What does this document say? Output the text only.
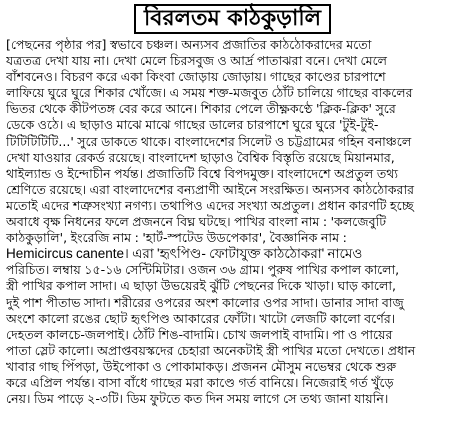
বিরলতম কাঠকুড়ালি
[পেছনের পৃষ্ঠার পর] স্বভাবে চঞ্চল। অন্যসব প্রজাতির কাঠঠোকরাদের মতো
যত্রতত্র দেখা যায় না। দেখা মেলে চিরসবুজ ও আর্দ্র পাতাঝরা বনে। দেখা মেলে
বাঁশবনেও। বিচরণ করে একা কিংবা জোড়ায় জোড়ায়। গাছের কাণ্ডের চারপাশে
লাফিয়ে ঘুরে ঘুরে শিকার খোঁজে। এ সময় শক্ত-মজবুত ঠোঁট চালিয়ে গাছের বাকলের
ভিতর থেকে কীটপতঙ্গ বের করে আনে। শিকার পেলে তীক্ষ্ণকণ্ঠে 'ক্লিক-ক্লিক' সুরে
ডেকে ওঠে। এ ছাড়াও মাঝে মাঝে গাছের ডালের চারপাশে ঘুরে ঘুরে 'টুই-টুই-
টিটিটিটিটি...' সুরে ডাকতে থাকে। বাংলাদেশের সিলেট ও চট্টগ্রামের গহিন বনাঞ্চলে
দেখা যাওয়ার রেকর্ড রয়েছে। বাংলাদেশ ছাড়াও বৈশ্বিক বিস্তৃতি রয়েছে মিয়ানমার,
থাইল্যান্ড ও ইন্দোচীন পর্যন্ত। প্রজাতিটি বিশ্বে বিপদমুক্ত। বাংলাদেশে অপ্রতুল তথ্য
শ্রেণিতে রয়েছে। এরা বাংলাদেশের বন্যপ্রাণী আইনে সংরক্ষিত। অন্যসব কাঠঠোকরার
মতোই এদের শত্রুসংখ্যা নগণ্য। তথাপিও এদের সংখ্যা অপ্রতুল। প্রধান কারণটি হচ্ছে
অবাধে বৃক্ষ নিধনের ফলে প্রজননে বিঘ্ন ঘটছে। পাখির বাংলা নাম : 'কলজেবুটি
কাঠকুড়ালি', ইংরেজি নাম : 'হার্ট-স্পটেড উডপেকার', বৈজ্ঞানিক নাম :
Hemicircus canente। এরা 'হৃৎপিণ্ড- ফোটাযুক্ত কাঠঠোকরা' নামেও
পরিচিত। লম্বায় ১৫-১৬ সেন্টিমিটার। ওজন ৩৬ গ্রাম। পুরুষ পাখির কপাল কালো,
স্ত্রী পাখির কপাল সাদা। এ ছাড়া উভয়েরই ঝুঁটি পেছনের দিকে খাড়া। ঘাড় কালো,
দুই পাশ পীতাভ সাদা। শরীরের ওপরের অংশ কালোর ওপর সাদা। ডানার সাদা বাজু
অংশে কালো রঙের ছোট হৃৎপিণ্ড আকারের ফোঁটা। খাটো লেজটি কালো বর্ণের।
দেহতল কালচে-জলপাই। ঠোঁট শিঙ-বাদামি। চোখ জলপাই বাদামি। পা ও পায়ের
পাতা স্লেট কালো। অপ্রাপ্তবয়স্কদের চেহারা অনেকটাই স্ত্রী পাখির মতো দেখতে। প্রধান
খাবার গাছ পিঁপড়া, উইপোকা ও পোকামাকড়। প্রজনন মৌসুম নভেম্বর থেকে শুরু
করে এপ্রিল পর্যন্ত। বাসা বাঁধে গাছের মরা কাণ্ডে গর্ত বানিয়ে। নিজেরাই গর্ত খুঁড়ে
নেয়। ডিম পাড়ে ২-৩টি। ডিম ফুটতে কত দিন সময় লাগে সে তথ্য জানা যায়নি।
